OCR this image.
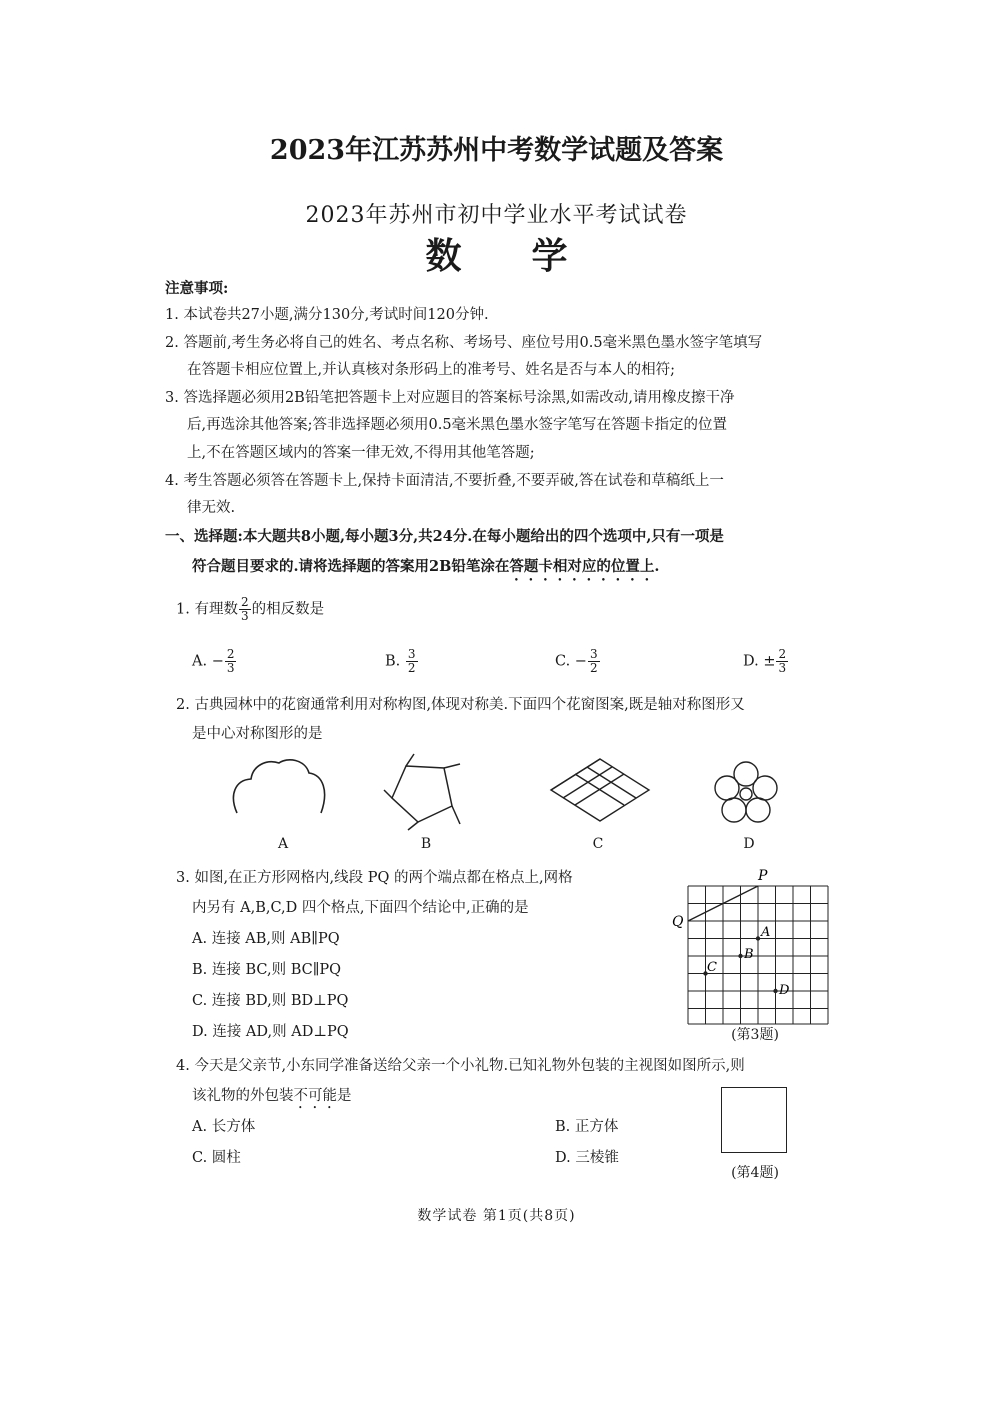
2023年江苏苏州中考数学试题及答案
2023年苏州市初中学业水平考试试卷
数学
注意事项:
1. 本试卷共27小题,满分130分,考试时间120分钟.
2. 答题前,考生务必将自己的姓名、考点名称、考场号、座位号用0.5毫米黑色墨水签字笔填写
在答题卡相应位置上,并认真核对条形码上的准考号、姓名是否与本人的相符;
3. 答选择题必须用2B铅笔把答题卡上对应题目的答案标号涂黑,如需改动,请用橡皮擦干净
后,再选涂其他答案;答非选择题必须用0.5毫米黑色墨水签字笔写在答题卡指定的位置
上,不在答题区域内的答案一律无效,不得用其他笔答题;
4. 考生答题必须答在答题卡上,保持卡面清洁,不要折叠,不要弄破,答在试卷和草稿纸上一
律无效.
一、选择题:本大题共8小题,每小题3分,共24分.在每小题给出的四个选项中,只有一项是
符合题目要求的.请将选择题的答案用2B铅笔涂在答题卡相对应的位置上.
1. 有理数 $\frac{2}{3}$ 的相反数是
A. − $\frac{2}{3}$	B. $\frac{3}{2}$	C. − $\frac{3}{2}$	D. ± $\frac{2}{3}$
2. 古典园林中的花窗通常利用对称构图,体现对称美.下面四个花窗图案,既是轴对称图形又
是中心对称图形的是
A	B	C	D
3. 如图,在正方形网格内,线段 PQ 的两个端点都在格点上,网格
内另有 A,B,C,D 四个格点,下面四个结论中,正确的是
A. 连接 AB,则 AB∥PQ
B. 连接 BC,则 BC∥PQ
C. 连接 BD,则 BD⊥PQ
D. 连接 AD,则 AD⊥PQ
P
Q
A
B
C
D
(第3题)
4. 今天是父亲节,小东同学准备送给父亲一个小礼物.已知礼物外包装的主视图如图所示,则
该礼物的外包装不可能是
A. 长方体	B. 正方体
C. 圆柱	D. 三棱锥
(第4题)
数学试卷 第1页(共8页)
